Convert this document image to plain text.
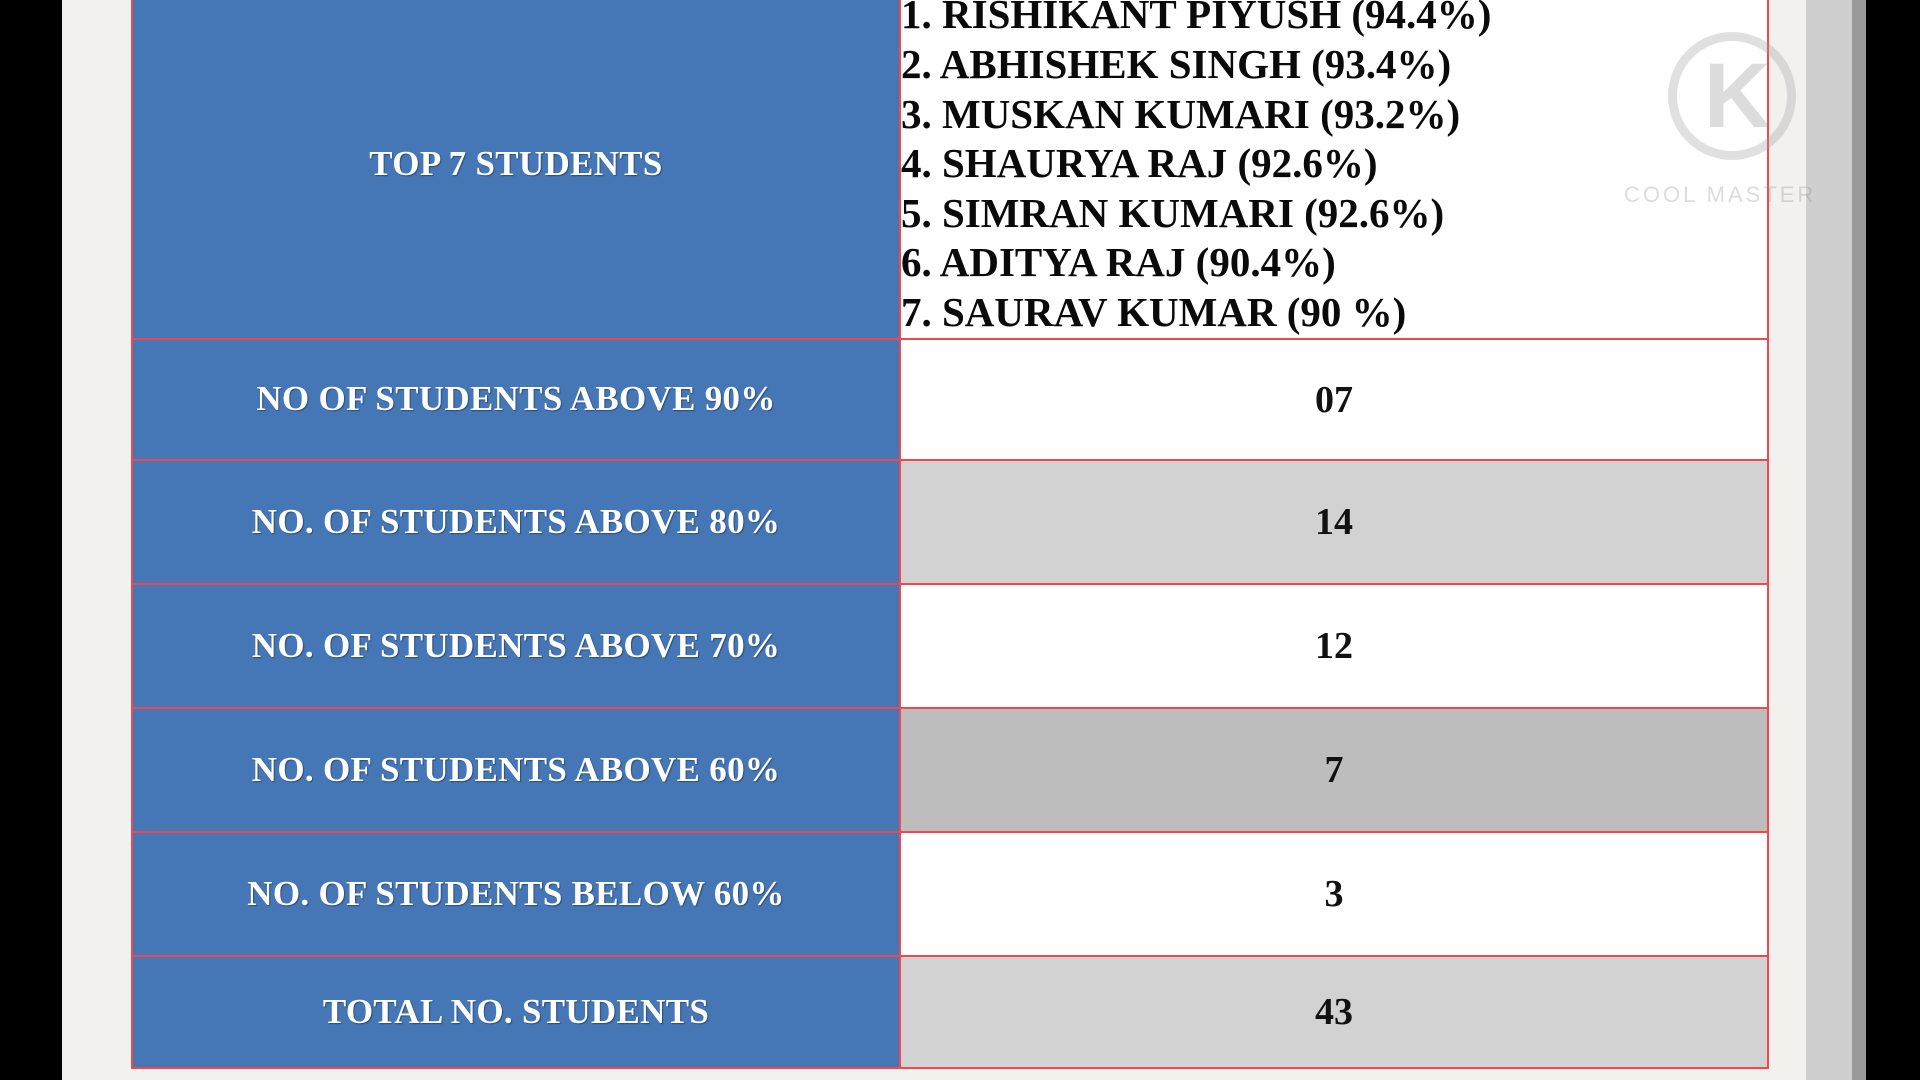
TOP 7 STUDENTS	
1. RISHIKANT PIYUSH (94.4%)
2. ABHISHEK SINGH (93.4%)
3. MUSKAN KUMARI (93.2%)
4. SHAURYA RAJ (92.6%)
5. SIMRAN KUMARI (92.6%)
6. ADITYA RAJ (90.4%)
7. SAURAV KUMAR (90 %)

NO OF STUDENTS ABOVE 90%	07
NO. OF STUDENTS ABOVE 80%	14
NO. OF STUDENTS ABOVE 70%	12
NO. OF STUDENTS ABOVE 60%	7
NO. OF STUDENTS BELOW 60%	3
TOTAL NO. STUDENTS	43
K
COOL MASTER
